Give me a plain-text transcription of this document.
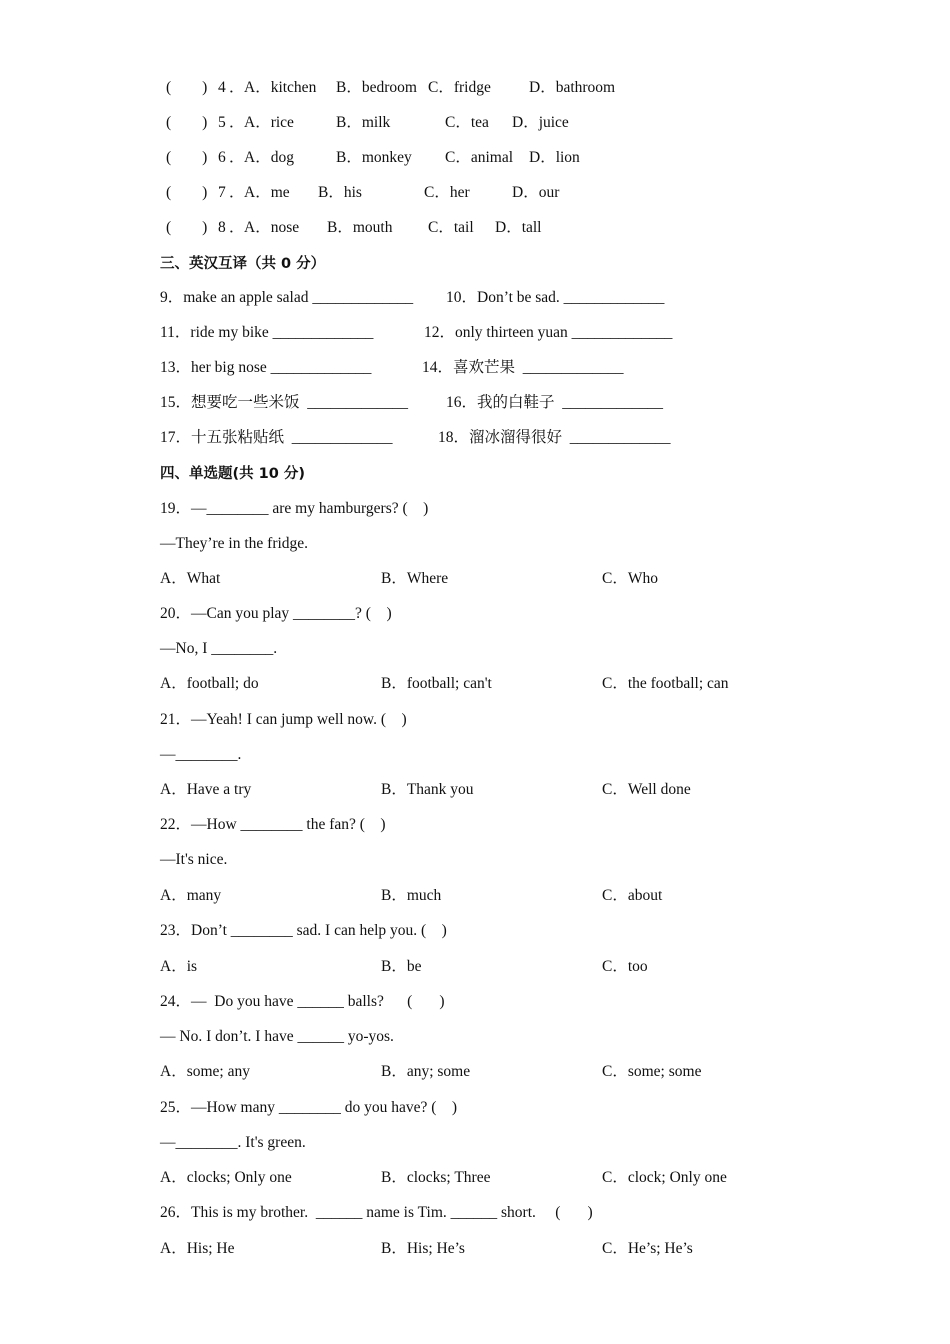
(        ) 4 ． A．kitchen B．bedroom C．fridge D．bathroom
(        ) 5 ． A．rice	B．milk	C．tea D．juice
(        ) 6 ． A．dog	B．monkey C．animal D．lion
(        ) 7 ． A．me B．his	C．her	D．our
(        ) 8 ． A．nose B．mouth C．tail D．tall
三、英汉互译（共 0 分）
9．make an apple salad _____________ 10．Don’t be sad. _____________
11．ride my bike _____________	12．only thirteen yuan _____________
13．her big nose _____________	14．喜欢芒果  _____________
15．想要吃一些米饭  _____________ 16．我的白鞋子  _____________
17．十五张粘贴纸  _____________	18．溜冰溜得很好  _____________
四、单选题(共 10 分)
19．—________ are my hamburgers? (    )
—They’re in the fridge.
A．What	B．Where	C．Who
20．—Can you play ________? (    )
—No, I ________.
A．football; do	B．football; can't	C．the football; can
21．—Yeah! I can jump well now. (    )
—________.
A．Have a try	B．Thank you	C．Well done
22．—How ________ the fan? (    )
—It's nice.
A．many	B．much	C．about
23．Don’t ________ sad. I can help you. (    )
A．is	B．be	C．too
24．—  Do you have ______ balls?      (       )
— No. I don’t. I have ______ yo-yos.
A．some; any	B．any; some	C．some; some
25．—How many ________ do you have? (    )
—________. It's green.
A．clocks; Only one	B．clocks; Three	C．clock; Only one
26．This is my brother.  ______ name is Tim. ______ short.     (       )
A．His; He	B．His; He’s	C．He’s; He’s
